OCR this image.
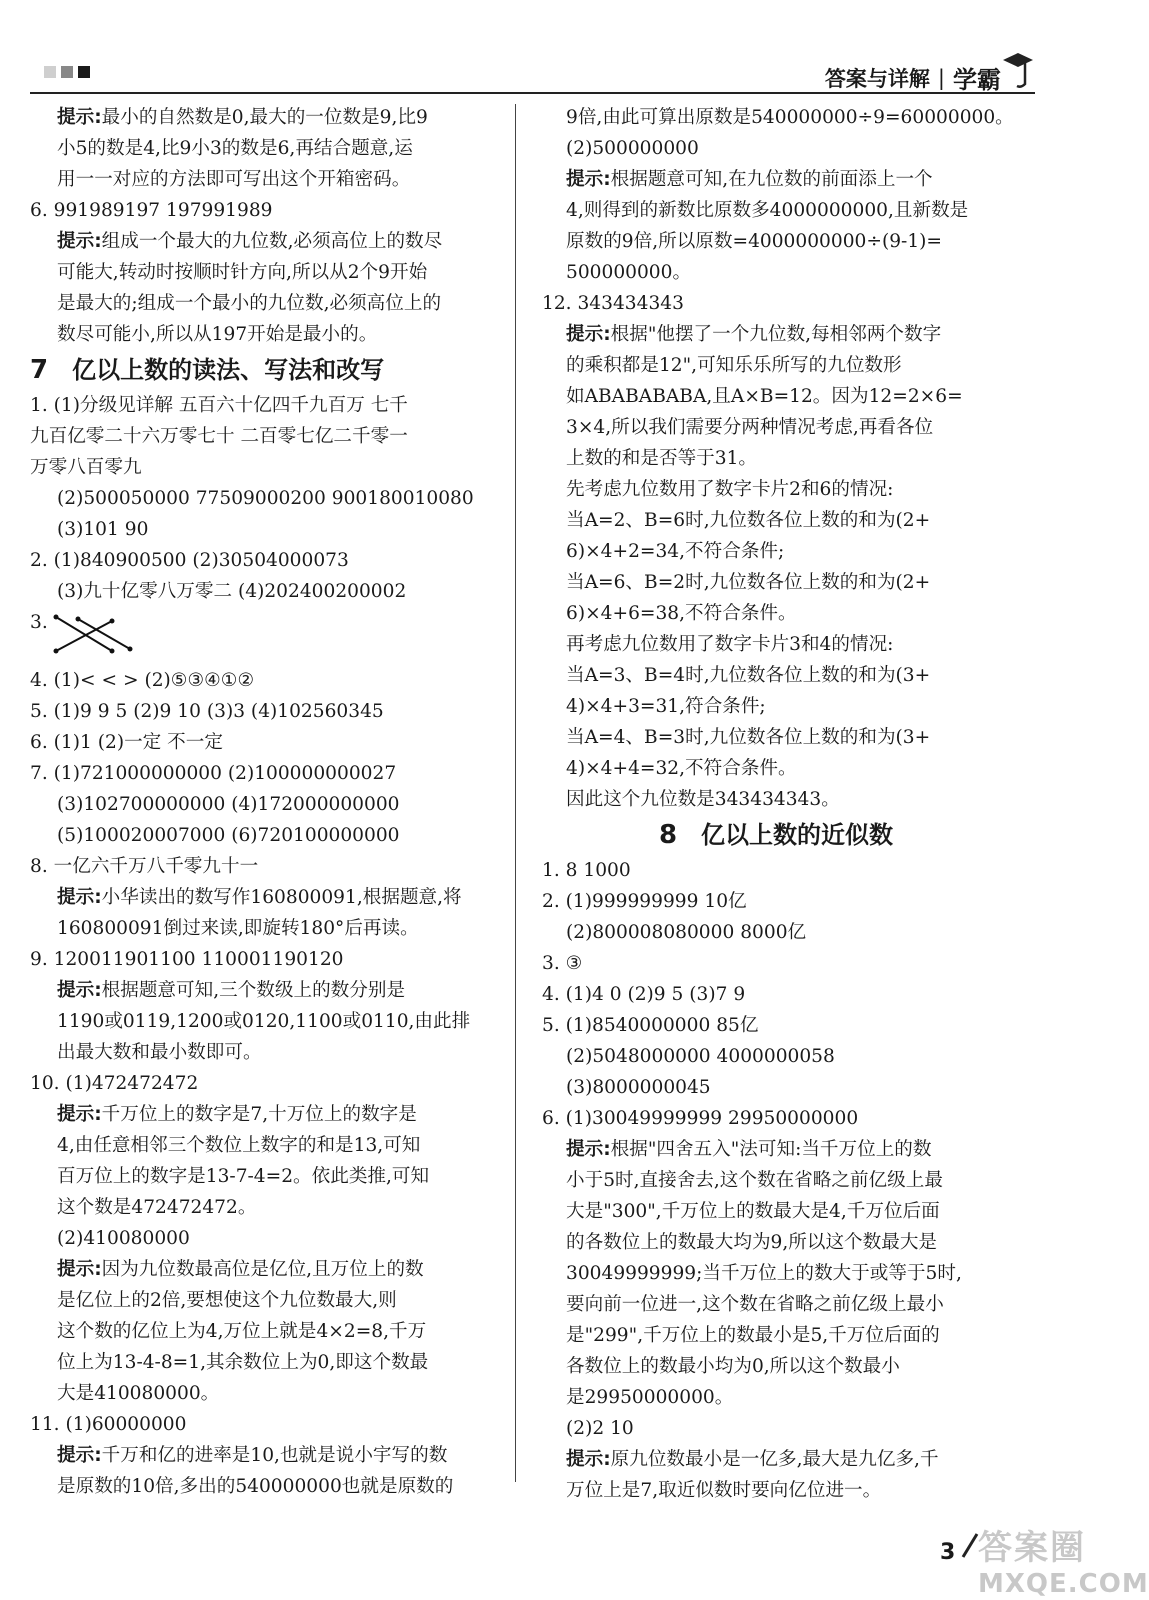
答案与详解 | 学霸

提示:最小的自然数是0,最大的一位数是9,比9

小5的数是4,比9小3的数是6,再结合题意,运

用一一对应的方法即可写出这个开箱密码。

6. 991989197 197991989

提示:组成一个最大的九位数,必须高位上的数尽

可能大,转动时按顺时针方向,所以从2个9开始

是最大的;组成一个最小的九位数,必须高位上的

数尽可能小,所以从197开始是最小的。

7 亿以上数的读法、写法和改写

1. (1)分级见详解 五百六十亿四千九百万 七千

九百亿零二十六万零七十 二百零七亿二千零一

万零八百零九

(2)500050000 77509000200 900180010080

(3)101 90

2. (1)840900500 (2)30504000073

(3)九十亿零八万零二 (4)202400200002

3.

4. (1)< < > (2)⑤③④①②

5. (1)9 9 5 (2)9 10 (3)3 (4)102560345

6. (1)1 (2)一定 不一定

7. (1)721000000000 (2)100000000027

(3)102700000000 (4)172000000000

(5)100020007000 (6)720100000000

8. 一亿六千万八千零九十一

提示:小华读出的数写作160800091,根据题意,将

160800091倒过来读,即旋转180°后再读。

9. 120011901100 110001190120

提示:根据题意可知,三个数级上的数分别是

1190或0119,1200或0120,1100或0110,由此排

出最大数和最小数即可。

10. (1)472472472

提示:千万位上的数字是7,十万位上的数字是

4,由任意相邻三个数位上数字的和是13,可知

百万位上的数字是13-7-4=2。依此类推,可知

这个数是472472472。

(2)410080000

提示:因为九位数最高位是亿位,且万位上的数

是亿位上的2倍,要想使这个九位数最大,则

这个数的亿位上为4,万位上就是4×2=8,千万

位上为13-4-8=1,其余数位上为0,即这个数最

大是410080000。

11. (1)60000000

提示:千万和亿的进率是10,也就是说小宇写的数

是原数的10倍,多出的540000000也就是原数的

9倍,由此可算出原数是540000000÷9=60000000。

(2)500000000

提示:根据题意可知,在九位数的前面添上一个

4,则得到的新数比原数多4000000000,且新数是

原数的9倍,所以原数=4000000000÷(9-1)=

500000000。

12. 343434343

提示:根据"他摆了一个九位数,每相邻两个数字

的乘积都是12",可知乐乐所写的九位数形

如ABABABABA,且A×B=12。因为12=2×6=

3×4,所以我们需要分两种情况考虑,再看各位

上数的和是否等于31。

先考虑九位数用了数字卡片2和6的情况:

当A=2、B=6时,九位数各位上数的和为(2+

6)×4+2=34,不符合条件;

当A=6、B=2时,九位数各位上数的和为(2+

6)×4+6=38,不符合条件。

再考虑九位数用了数字卡片3和4的情况:

当A=3、B=4时,九位数各位上数的和为(3+

4)×4+3=31,符合条件;

当A=4、B=3时,九位数各位上数的和为(3+

4)×4+4=32,不符合条件。

因此这个九位数是343434343。

8 亿以上数的近似数

1. 8 1000

2. (1)999999999 10亿

(2)800008080000 8000亿

3. ③

4. (1)4 0 (2)9 5 (3)7 9

5. (1)8540000000 85亿

(2)5048000000 4000000058

(3)8000000045

6. (1)30049999999 29950000000

提示:根据"四舍五入"法可知:当千万位上的数

小于5时,直接舍去,这个数在省略之前亿级上最

大是"300",千万位上的数最大是4,千万位后面

的各数位上的数最大均为9,所以这个数最大是

30049999999;当千万位上的数大于或等于5时,

要向前一位进一,这个数在省略之前亿级上最小

是"299",千万位上的数最小是5,千万位后面的

各数位上的数最小均为0,所以这个数最小

是29950000000。

(2)2 10

提示:原九位数最小是一亿多,最大是九亿多,千

万位上是7,取近似数时要向亿位进一。

3 答案圈
MXQE.COM
